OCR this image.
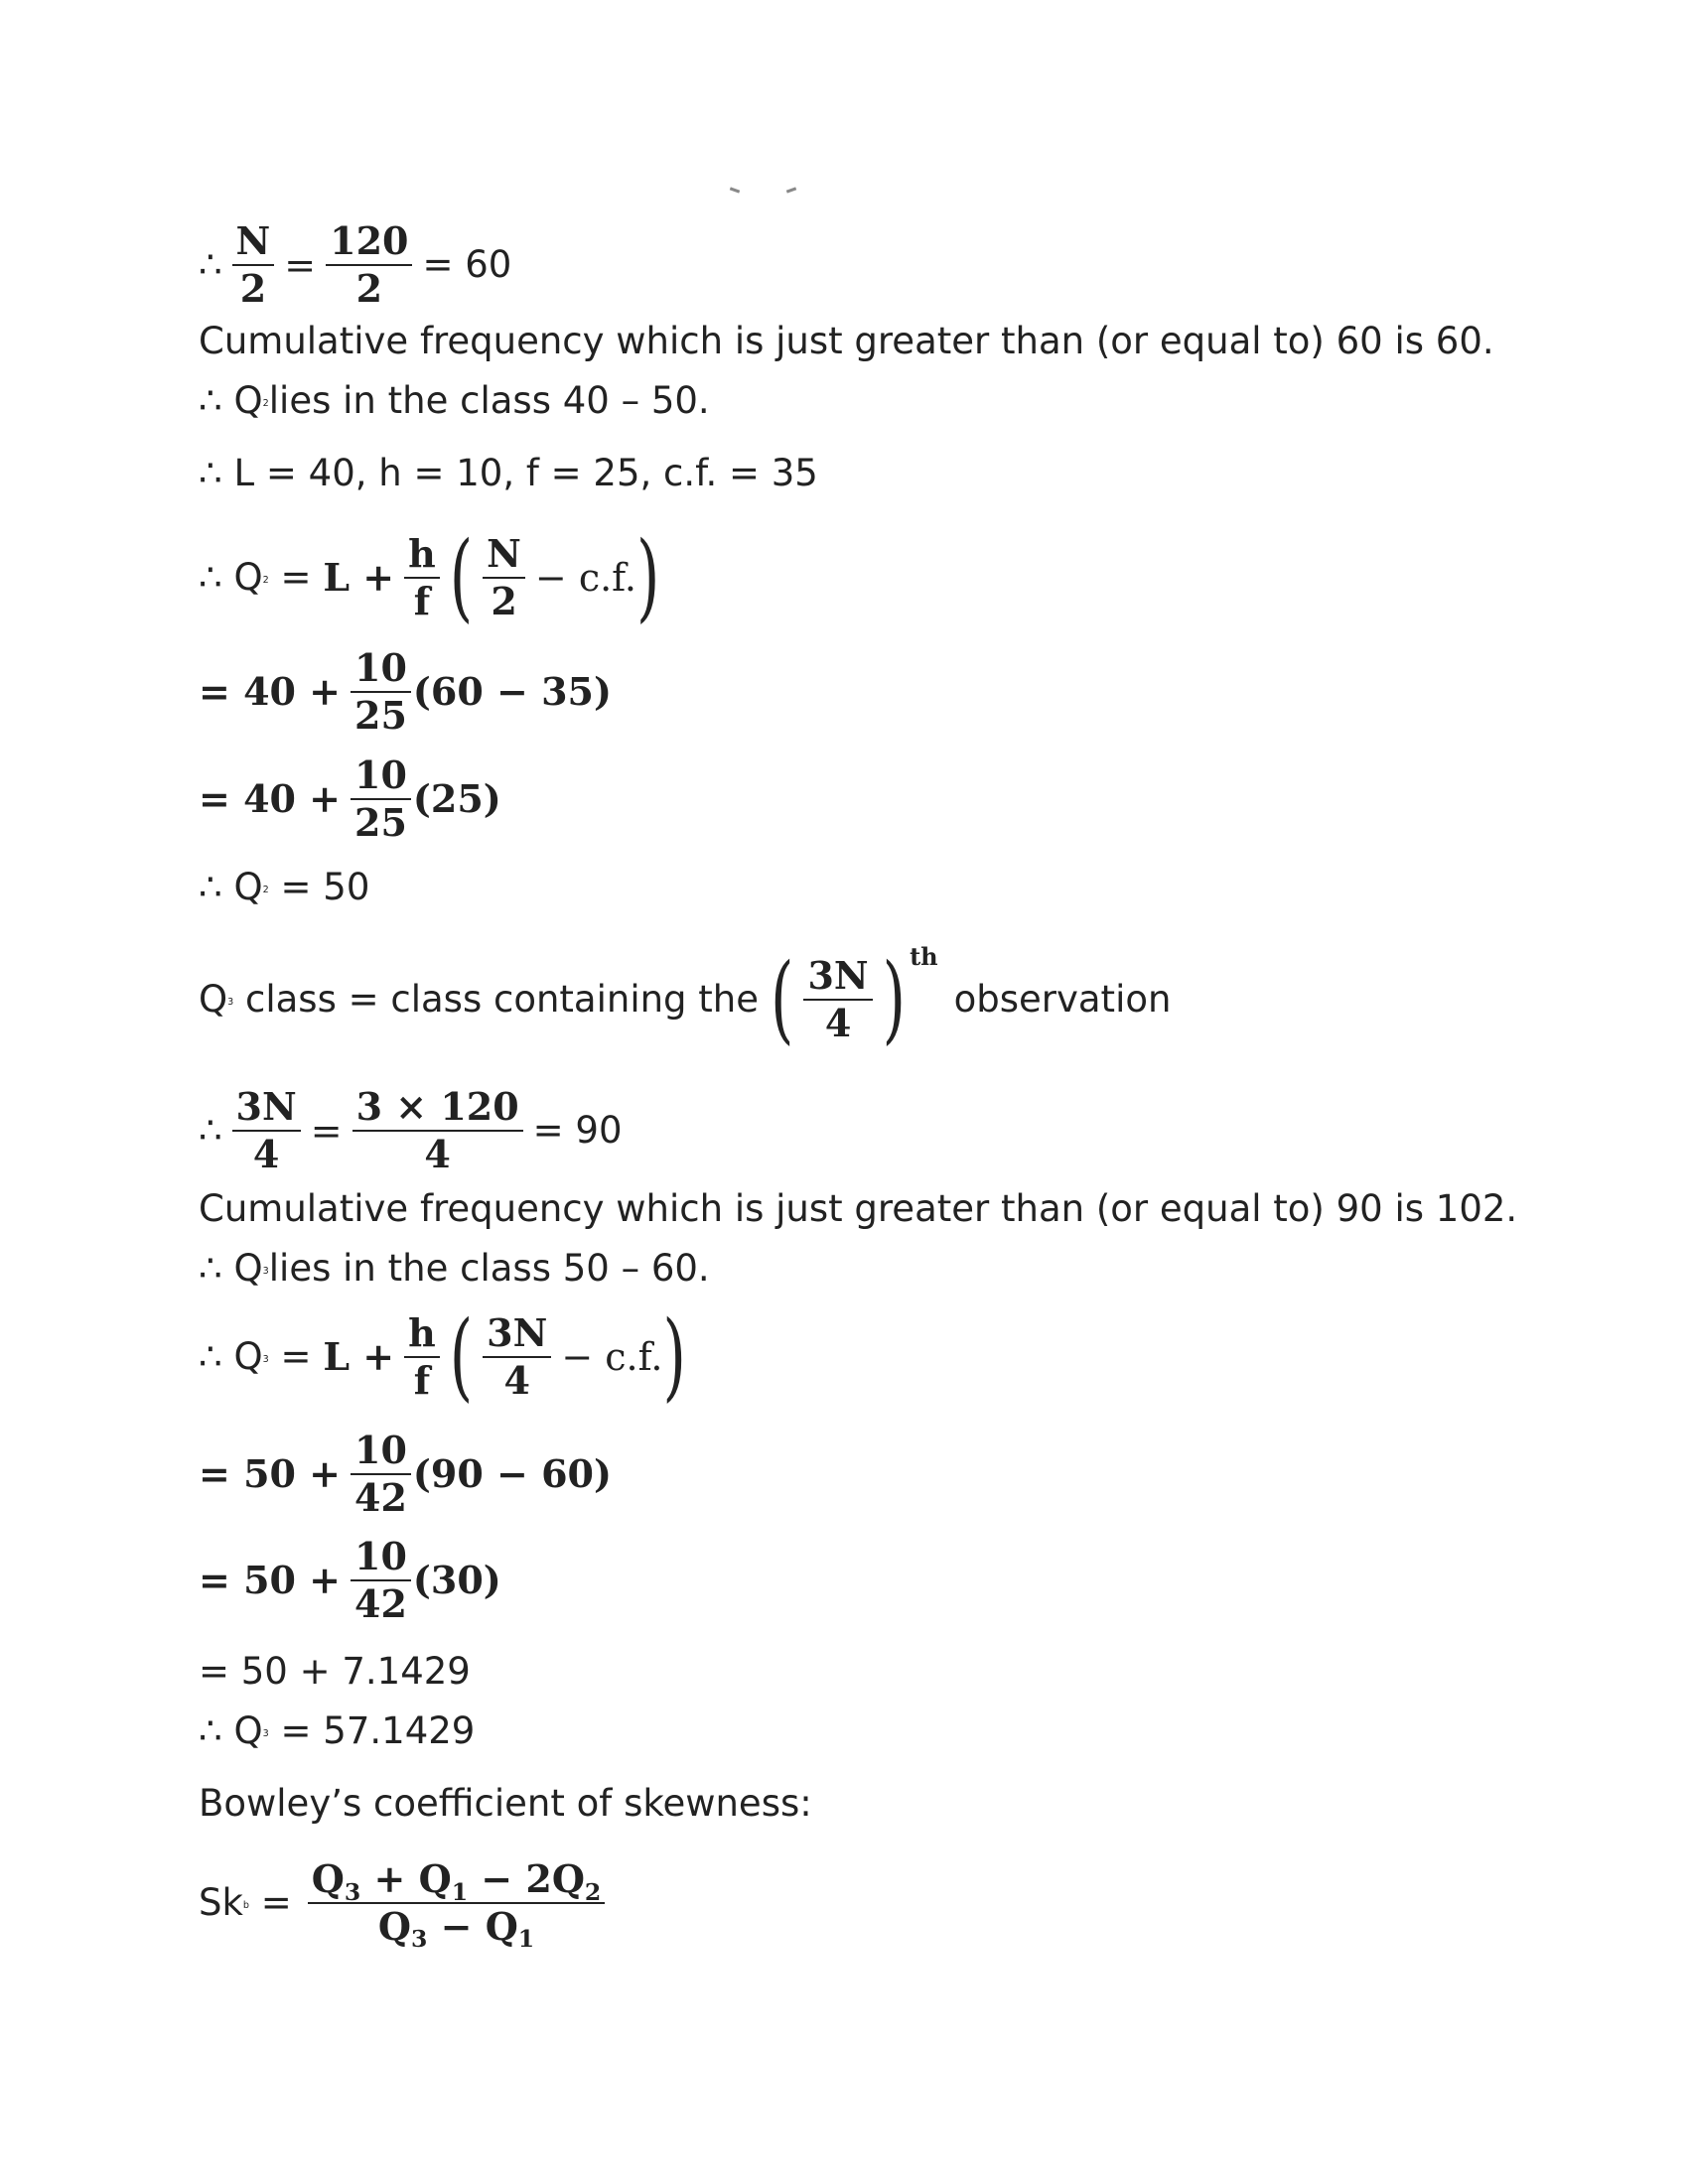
∴ $\frac{N}{2} = \frac{120}{2} = 60$
Cumulative frequency which is just greater than (or equal to) 60 is 60.
∴ Q 2 lies in the class 40 – 50.
∴ L = 40, h = 10, f = 25, c.f. = 35
∴ Q $2 = L + \frac{h}{f}$ ( $\frac{N}{2} - c.f$. )
= $40 + \frac{10}{25} (60 - 35)$
= $40 + \frac{10}{25} (25)$
∴ Q 2 = 50
Q 3 class = class containing the ( $\frac{3N}{4}$ ) th
observation
∴ $\frac{3N}{4} = \frac{3 \times 120}{4} = 90$
Cumulative frequency which is just greater than (or equal to) 90 is 102.
∴ Q 3 lies in the class 50 – 60.
∴ Q $3 = L + \frac{h}{f}$ ( $\frac{3N}{4} - c.f$. )
= $50 + \frac{10}{42} (90 - 60)$
= $50 + \frac{10}{42} (30)$
= 50 + 7.1429
∴ Q 3 = 57.1429
Bowley’s coefficient of skewness:
Sk $b = \frac{Q3 + Q1 - 2Q2}{Q3 - Q1}$
